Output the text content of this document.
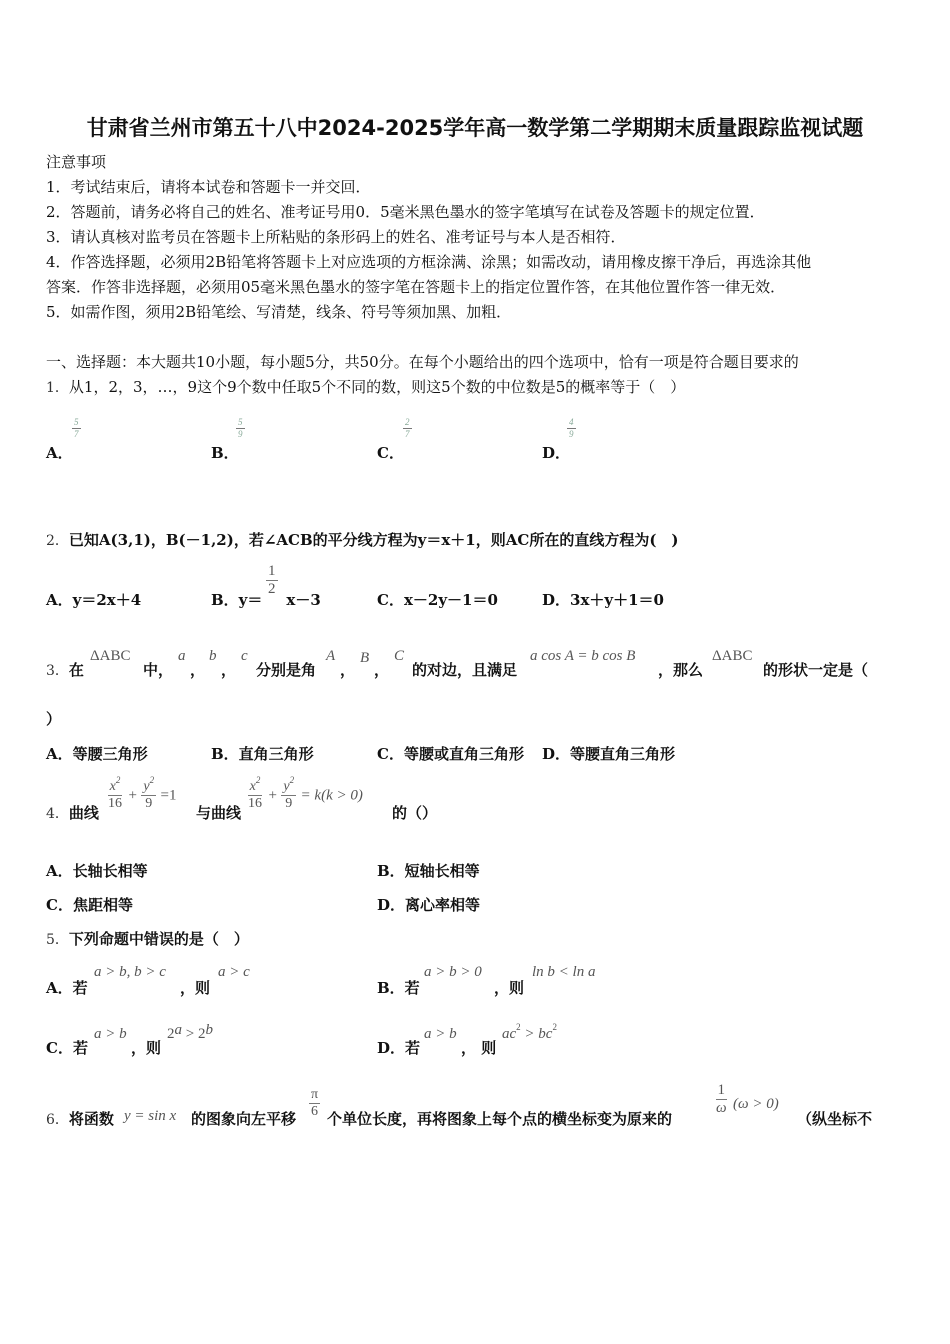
甘肃省兰州市第五十八中2024-2025学年高一数学第二学期期末质量跟踪监视试题
注意事项
1．考试结束后，请将本试卷和答题卡一并交回．
2．答题前，请务必将自己的姓名、准考证号用0．5毫米黑色墨水的签字笔填写在试卷及答题卡的规定位置．
3．请认真核对监考员在答题卡上所粘贴的条形码上的姓名、准考证号与本人是否相符．
4．作答选择题，必须用2B铅笔将答题卡上对应选项的方框涂满、涂黑；如需改动，请用橡皮擦干净后，再选涂其他
答案．作答非选择题，必须用05毫米黑色墨水的签字笔在答题卡上的指定位置作答，在其他位置作答一律无效．
5．如需作图，须用2B铅笔绘、写清楚，线条、符号等须加黑、加粗．
一、选择题：本大题共10小题，每小题5分，共50分。在每个小题给出的四个选项中，恰有一项是符合题目要求的
1．从1，2，3，…，9这个9个数中任取5个不同的数，则这5个数的中位数是5的概率等于（　）
A．
$\frac{5}{7}$
B．
$\frac{5}{9}$
C．
$\frac{2}{7}$
D．
$\frac{4}{9}$
2．已知A(3,1)，B(－1,2)，若∠ACB的平分线方程为y＝x＋1，则AC所在的直线方程为(　)
A．y＝2x＋4	B．y＝ x－3
$\frac{1}{2}$
C．x－2y－1＝0	D．3x＋y＋1＝0
3．在
ΔABC
中，
a
，
b
，
c
分别是角
A
，
B
，
C
的对边，且满足
a cos A = b cos B
，那么
ΔABC
的形状一定是（
）
A．等腰三角形	B．直角三角形	C．等腰或直角三角形 D．等腰直角三角形
4．曲线
$\frac{x^2}{16} + \frac{y^2}{9} =1$
与曲线
$\frac{x^2}{16} + \frac{y^2}{9} = k(k > 0)$
的（）
A．长轴长相等	B．短轴长相等
C．焦距相等	D．离心率相等
5．下列命题中错误的是（　）
A．若
a > b, b > c
，则
a > c
B．若
a > b > 0
，则
ln b < ln a
C．若
a > b
，则
$2^a > 2^b$
D．若
a > b
， 则
$ac^2 > bc^2$
6．将函数 y = sin x 的图象向左平移 $\frac{\pi}{6}$ 个单位长度，再将图象上每个点的横坐标变为原来的
$\frac{1}{\omega} (\omega > 0)$
（纵坐标不
